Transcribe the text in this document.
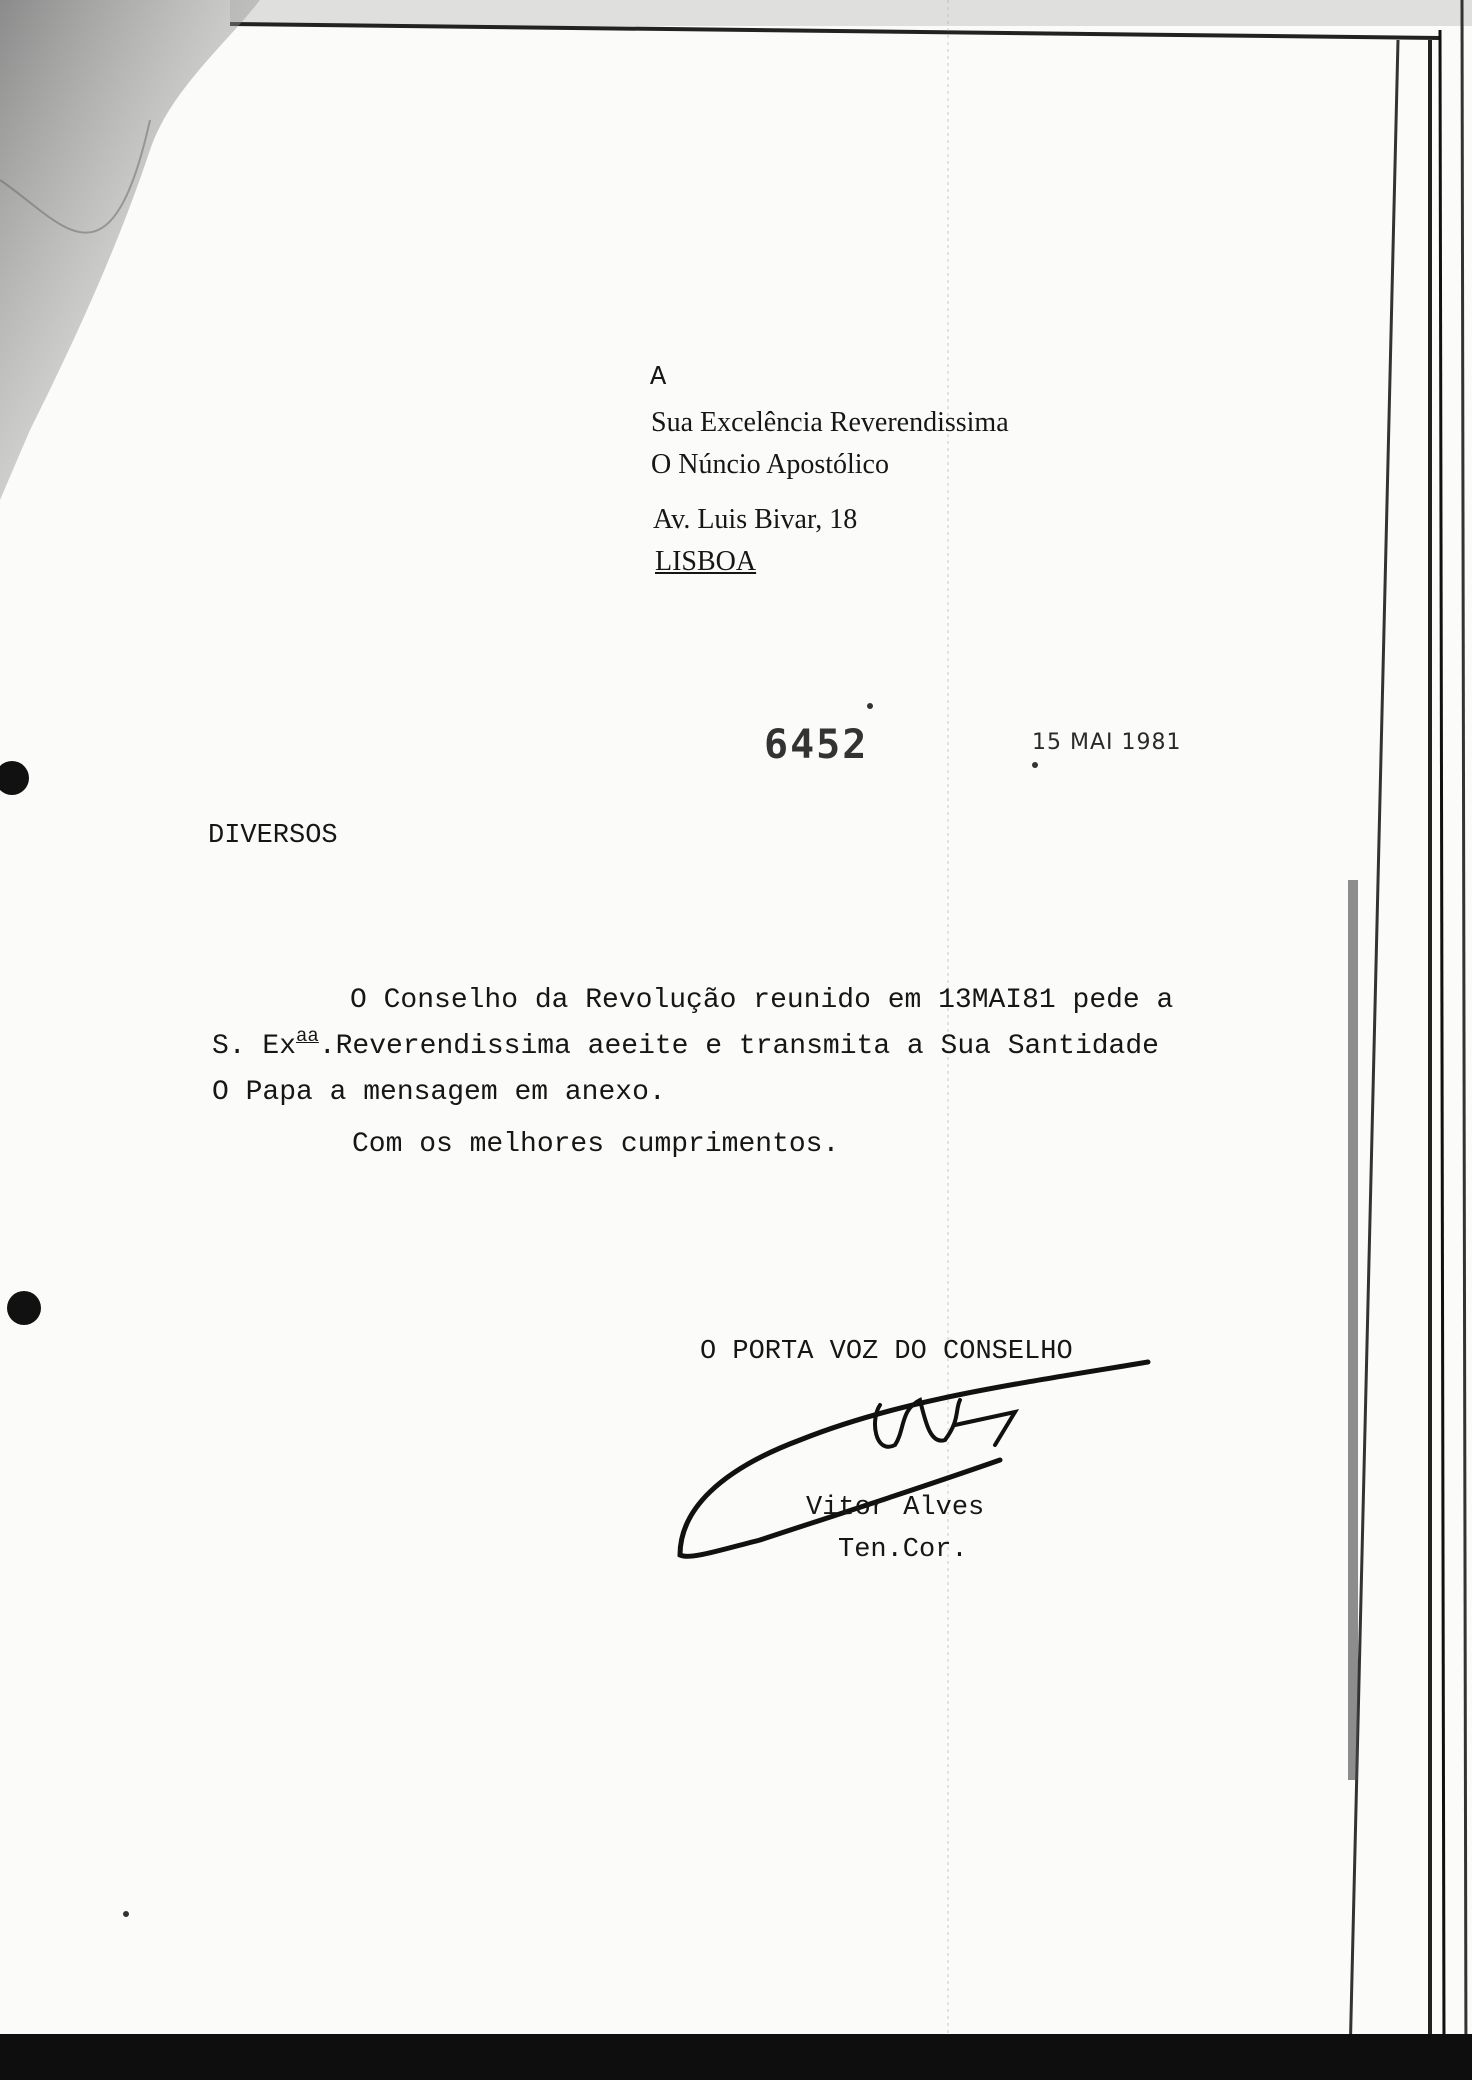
A
Sua Excelência Reverendissima
O Núncio Apostólico
Av. Luis Bivar, 18
LISBOA
6452	15 MAI 1981
DIVERSOS
O Conselho da Revolução reunido em 13MAI81 pede a
S. $Ex^{aa}.Reverendissima$ aeeite e transmita a Sua Santidade
O Papa a mensagem em anexo.
Com os melhores cumprimentos.
O PORTA VOZ DO CONSELHO
Vitor Alves
Ten.Cor.
